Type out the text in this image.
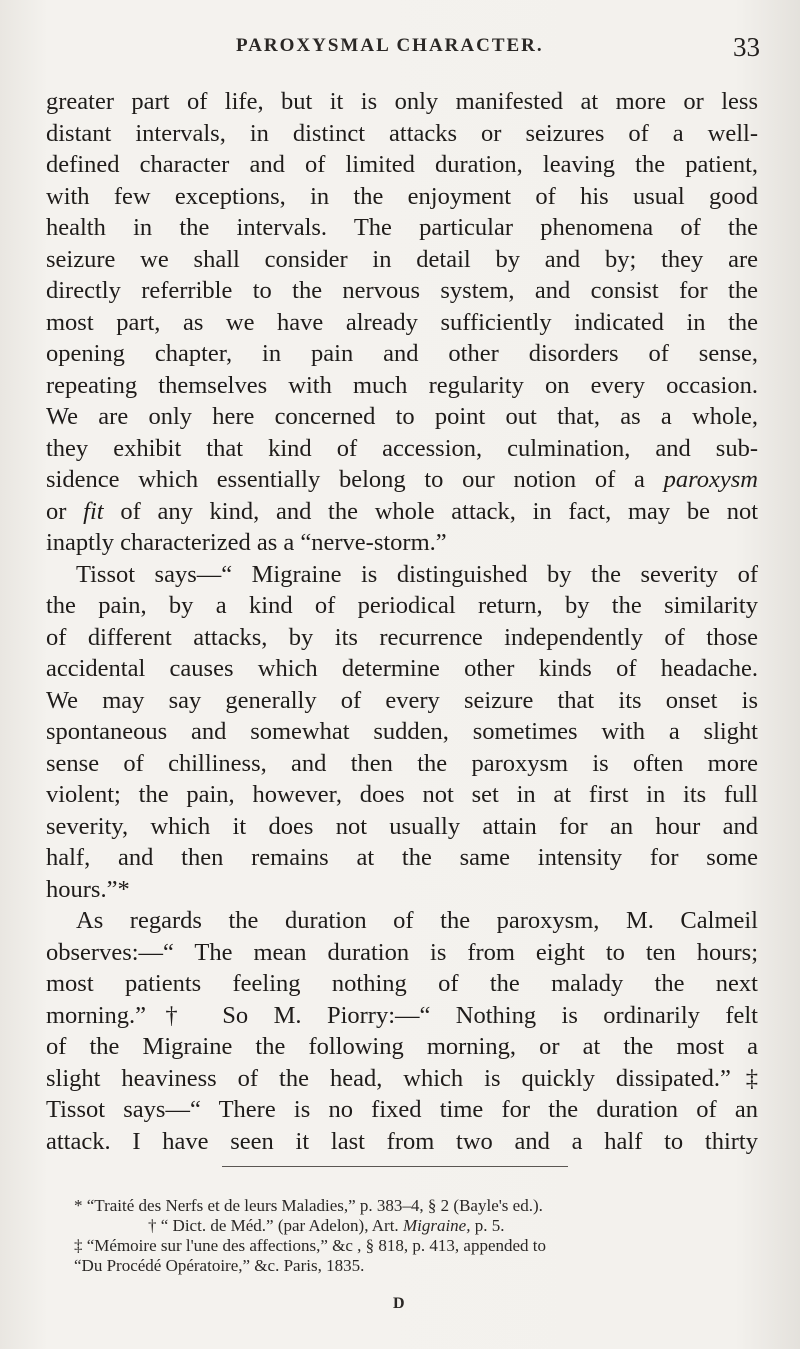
PAROXYSMAL CHARACTER.	33

greater part of life, but it is only manifested at more or less
distant intervals, in distinct attacks or seizures of a well-
defined character and of limited duration, leaving the patient,
with few exceptions, in the enjoyment of his usual good
health in the intervals. The particular phenomena of the
seizure we shall consider in detail by and by; they are
directly referrible to the nervous system, and consist for the
most part, as we have already sufficiently indicated in the
opening chapter, in pain and other disorders of sense,
repeating themselves with much regularity on every occasion.
We are only here concerned to point out that, as a whole,
they exhibit that kind of accession, culmination, and sub-
sidence which essentially belong to our notion of a paroxysm
or fit of any kind, and the whole attack, in fact, may be not
inaptly characterized as a “nerve-storm.”

Tissot says—“ Migraine is distinguished by the severity of
the pain, by a kind of periodical return, by the similarity
of different attacks, by its recurrence independently of those
accidental causes which determine other kinds of headache.
We may say generally of every seizure that its onset is
spontaneous and somewhat sudden, sometimes with a slight
sense of chilliness, and then the paroxysm is often more
violent; the pain, however, does not set in at first in its full
severity, which it does not usually attain for an hour and
half, and then remains at the same intensity for some
hours.”*

As regards the duration of the paroxysm, M. Calmeil
observes:—“ The mean duration is from eight to ten hours;
most patients feeling nothing of the malady the next
morning.”† So M. Piorry:—“ Nothing is ordinarily felt
of the Migraine the following morning, or at the most a
slight heaviness of the head, which is quickly dissipated.”‡
Tissot says—“ There is no fixed time for the duration of an
attack. I have seen it last from two and a half to thirty

* “Traité des Nerfs et de leurs Maladies,” p. 383–4, § 2 (Bayle's ed.).
† “ Dict. de Méd.” (par Adelon), Art. Migraine, p. 5.
‡ “Mémoire sur l'une des affections,” &c , § 818, p. 413, appended to
“Du Procédé Opératoire,” &c. Paris, 1835.
D
